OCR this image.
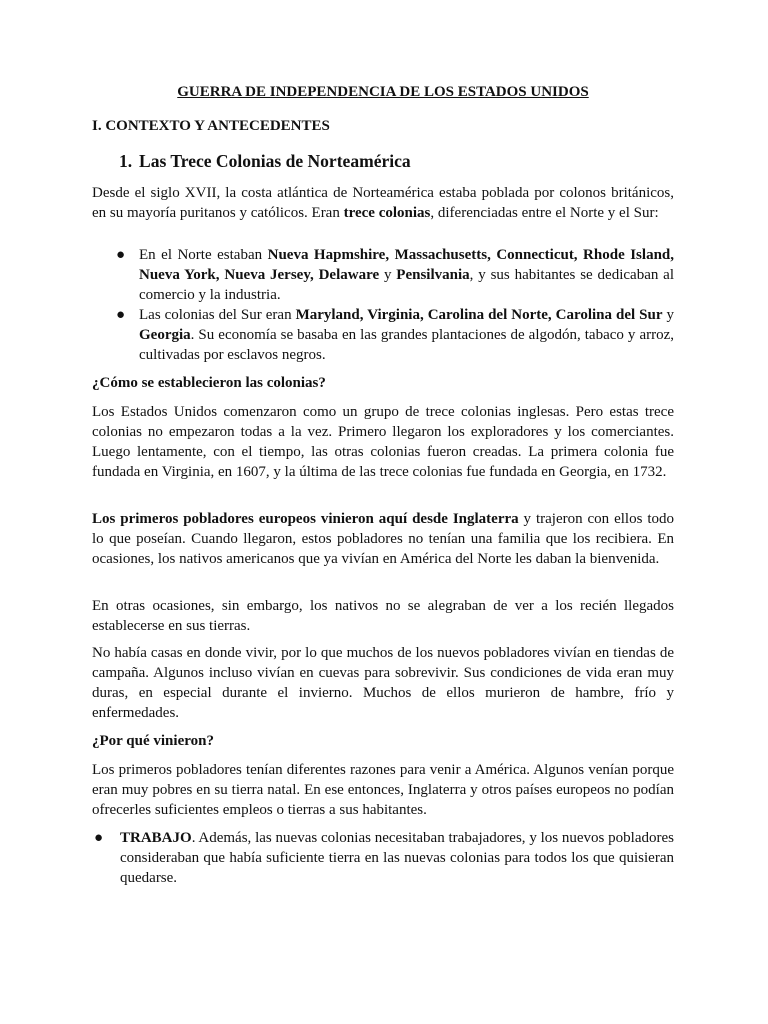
GUERRA DE INDEPENDENCIA DE LOS ESTADOS UNIDOS
I. CONTEXTO Y ANTECEDENTES
1. Las Trece Colonias de Norteamérica

Desde el siglo XVII, la costa atlántica de Norteamérica estaba poblada por colonos británicos, en su mayoría puritanos y católicos. Eran trece colonias, diferenciadas entre el Norte y el Sur:

● En el Norte estaban Nueva Hapmshire, Massachusetts, Connecticut, Rhode Island, Nueva York, Nueva Jersey, Delaware y Pensilvania, y sus habitantes se dedicaban al comercio y la industria.
● Las colonias del Sur eran Maryland, Virginia, Carolina del Norte, Carolina del Sur y Georgia. Su economía se basaba en las grandes plantaciones de algodón, tabaco y arroz, cultivadas por esclavos negros.

¿Cómo se establecieron las colonias?

Los Estados Unidos comenzaron como un grupo de trece colonias inglesas. Pero estas trece colonias no empezaron todas a la vez. Primero llegaron los exploradores y los comerciantes. Luego lentamente, con el tiempo, las otras colonias fueron creadas. La primera colonia fue fundada en Virginia, en 1607, y la última de las trece colonias fue fundada en Georgia, en 1732.

Los primeros pobladores europeos vinieron aquí desde Inglaterra y trajeron con ellos todo lo que poseían. Cuando llegaron, estos pobladores no tenían una familia que los recibiera. En ocasiones, los nativos americanos que ya vivían en América del Norte les daban la bienvenida.

En otras ocasiones, sin embargo, los nativos no se alegraban de ver a los recién llegados establecerse en sus tierras.

No había casas en donde vivir, por lo que muchos de los nuevos pobladores vivían en tiendas de campaña. Algunos incluso vivían en cuevas para sobrevivir. Sus condiciones de vida eran muy duras, en especial durante el invierno. Muchos de ellos murieron de hambre, frío y enfermedades.

¿Por qué vinieron?

Los primeros pobladores tenían diferentes razones para venir a América. Algunos venían porque eran muy pobres en su tierra natal. En ese entonces, Inglaterra y otros países europeos no podían ofrecerles suficientes empleos o tierras a sus habitantes.

● TRABAJO. Además, las nuevas colonias necesitaban trabajadores, y los nuevos pobladores consideraban que había suficiente tierra en las nuevas colonias para todos los que quisieran quedarse.
